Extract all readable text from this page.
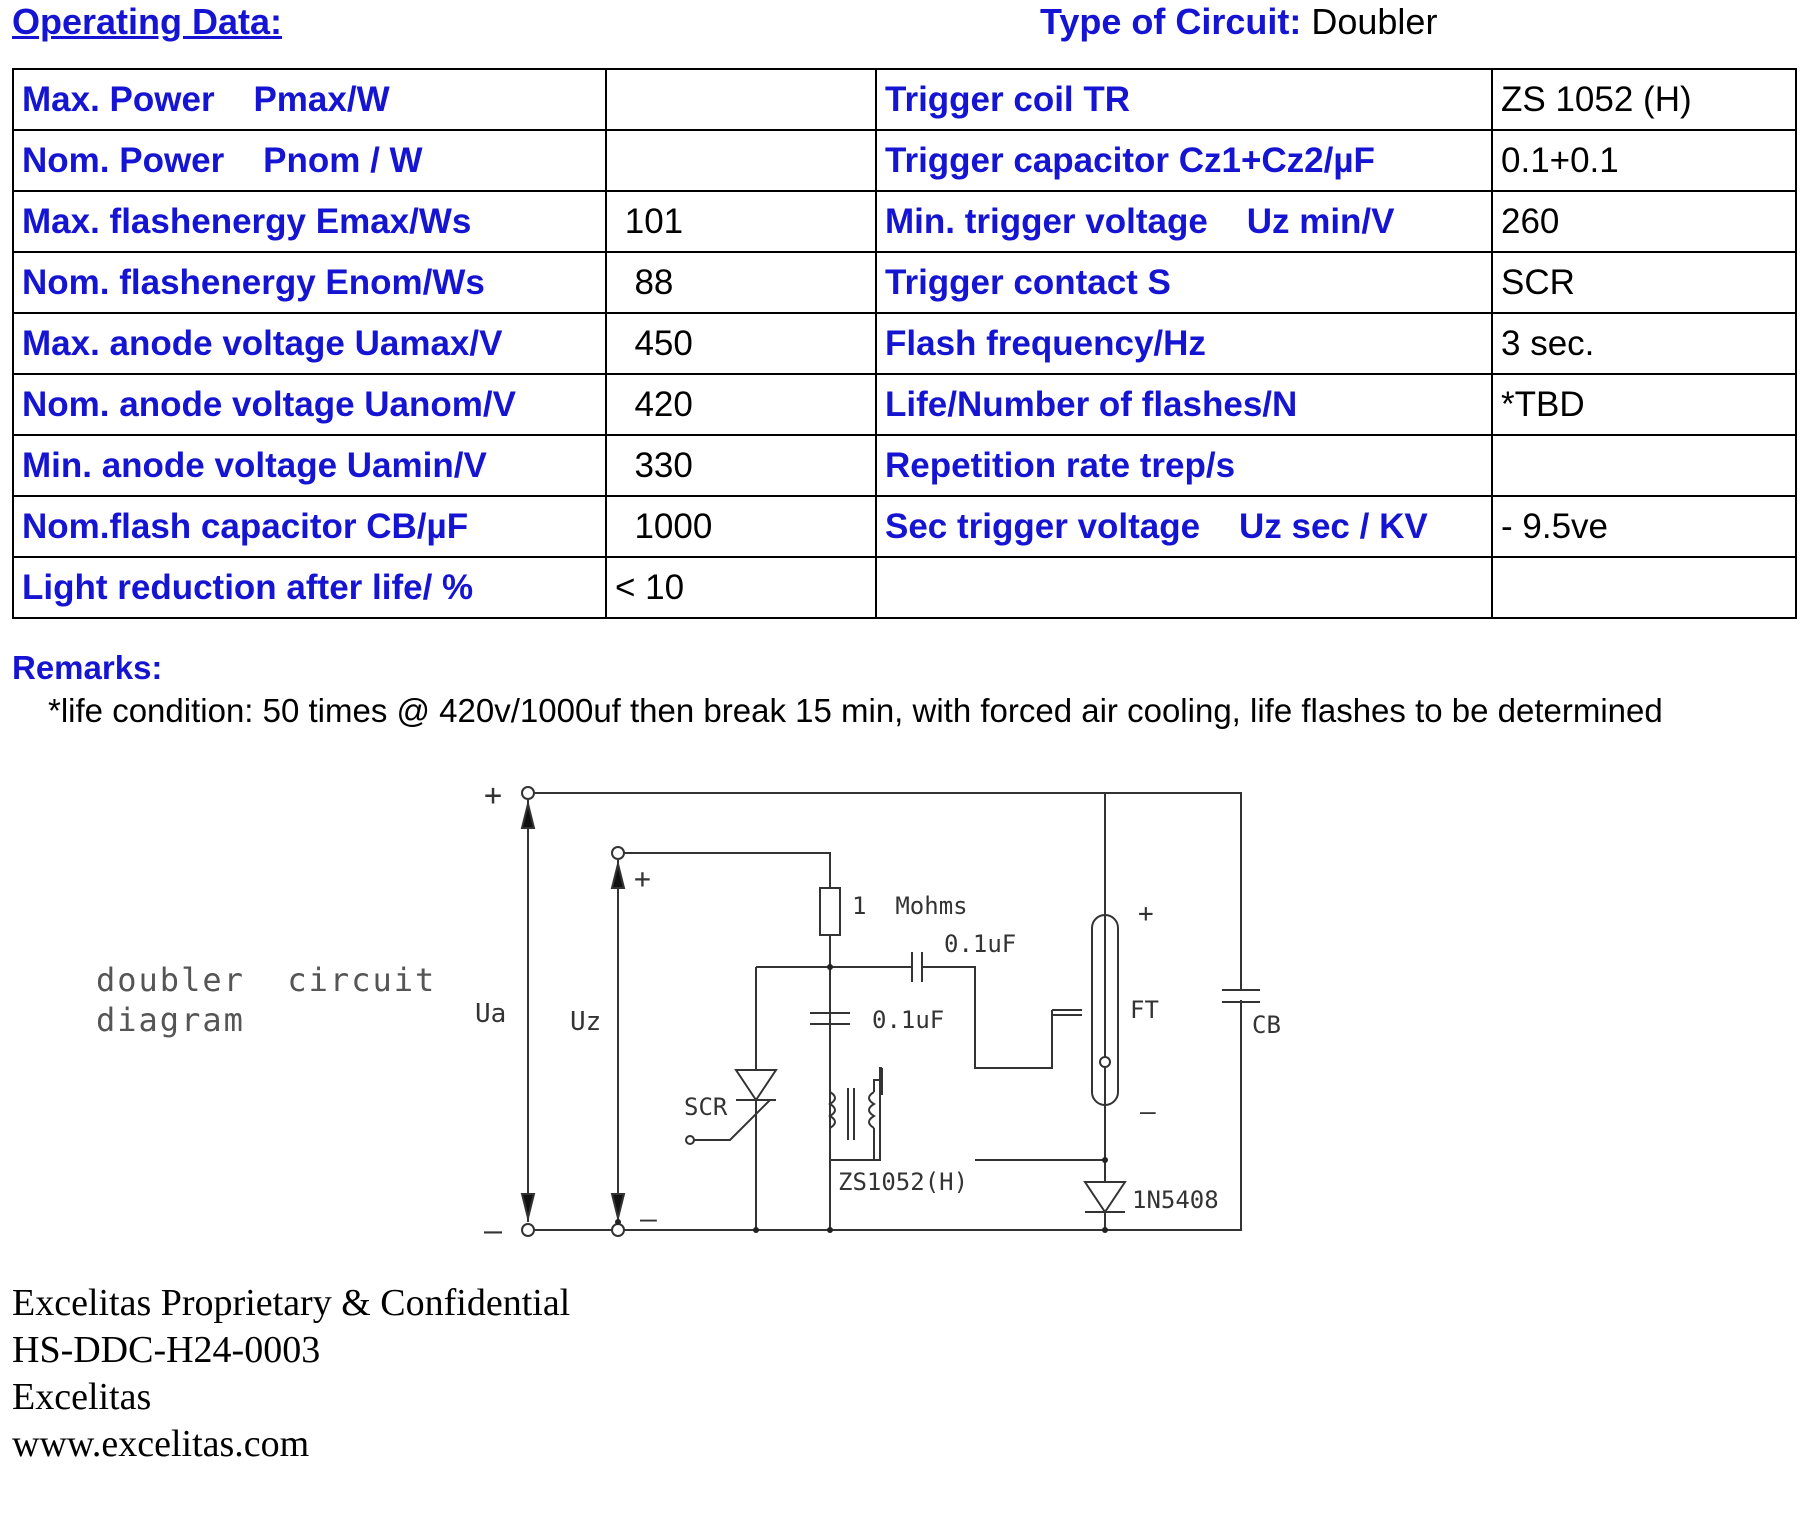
Operating Data:	Type of Circuit: Doubler
Max. Power    Pmax/W		Trigger coil TR	ZS 1052 (H)
Nom. Power    Pnom / W		Trigger capacitor Cz1+Cz2/µF	0.1+0.1
Max. flashenergy Emax/Ws	101	Min. trigger voltage    Uz min/V	260
Nom. flashenergy Enom/Ws	88	Trigger contact S	SCR
Max. anode voltage Uamax/V	450	Flash frequency/Hz	3 sec.
Nom. anode voltage Uanom/V	420	Life/Number of flashes/N	*TBD
Min. anode voltage Uamin/V	330	Repetition rate trep/s	
Nom.flash capacitor CB/µF	1000	Sec trigger voltage    Uz sec / KV	- 9.5ve
Light reduction after life/ %	< 10		
Remarks:
*life condition: 50 times @ 420v/1000uf then break 15 min, with forced air cooling, life flashes to be determined
doubler  circuit
diagram
+
–
+
–
Ua Uz
1  Mohms
0.1uF
0.1uF
SCR
ZS1052(H)
FT
+
–
1N5408
CB
Excelitas Proprietary & Confidential
HS-DDC-H24-0003
Excelitas
www.excelitas.com
